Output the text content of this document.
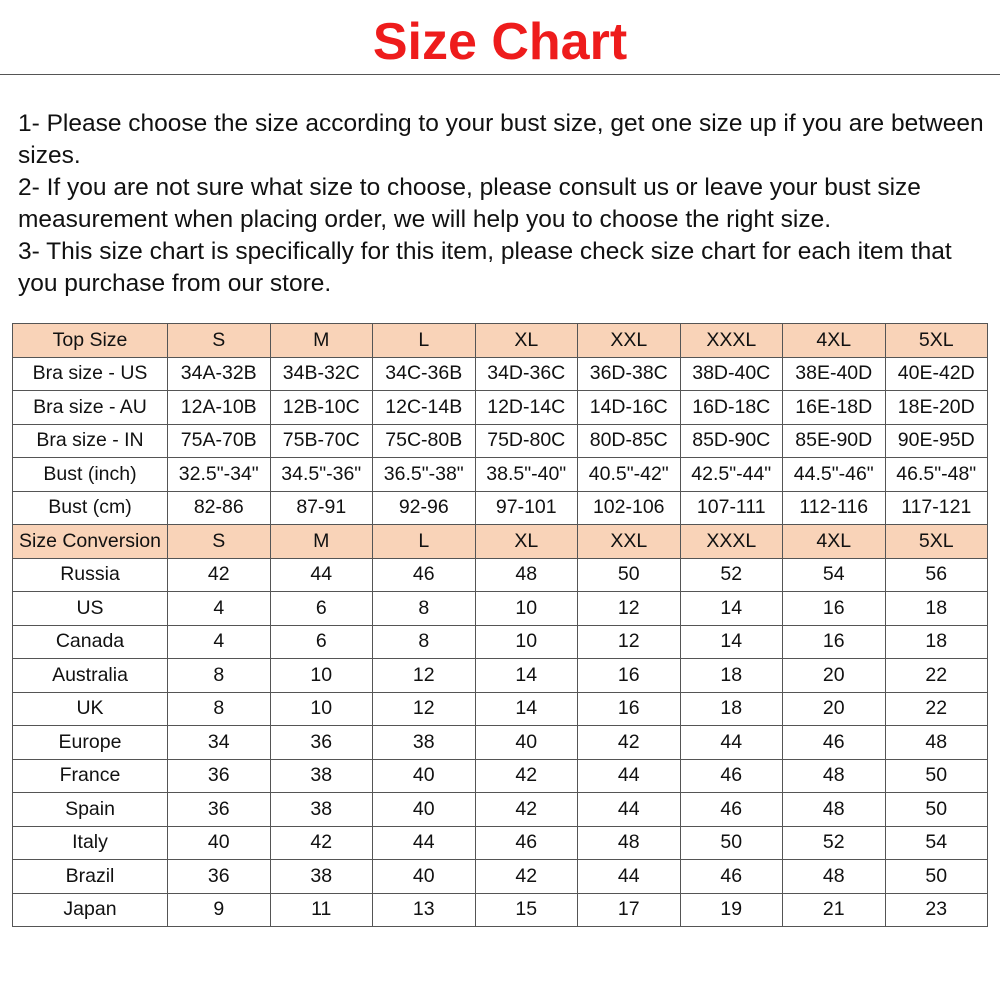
Size Chart

1- Please choose the size according to your bust size, get one size up if you are between sizes.

2- If you are not sure what size to choose, please consult us or leave your bust size measurement when placing order, we will help you to choose the right size.

3- This size chart is specifically for this item, please check size chart for each item that you purchase from our store.

Top Size	S	M	L	XL	XXL	XXXL	4XL	5XL
Bra size - US	34A-32B	34B-32C	34C-36B	34D-36C	36D-38C	38D-40C	38E-40D	40E-42D
Bra size - AU	12A-10B	12B-10C	12C-14B	12D-14C	14D-16C	16D-18C	16E-18D	18E-20D
Bra size - IN	75A-70B	75B-70C	75C-80B	75D-80C	80D-85C	85D-90C	85E-90D	90E-95D
Bust (inch)	32.5"-34"	34.5"-36"	36.5"-38"	38.5"-40"	40.5"-42"	42.5"-44"	44.5"-46"	46.5"-48"
Bust (cm)	82-86	87-91	92-96	97-101	102-106	107-111	112-116	117-121
Size Conversion	S	M	L	XL	XXL	XXXL	4XL	5XL
Russia	42	44	46	48	50	52	54	56
US	4	6	8	10	12	14	16	18
Canada	4	6	8	10	12	14	16	18
Australia	8	10	12	14	16	18	20	22
UK	8	10	12	14	16	18	20	22
Europe	34	36	38	40	42	44	46	48
France	36	38	40	42	44	46	48	50
Spain	36	38	40	42	44	46	48	50
Italy	40	42	44	46	48	50	52	54
Brazil	36	38	40	42	44	46	48	50
Japan	9	11	13	15	17	19	21	23
